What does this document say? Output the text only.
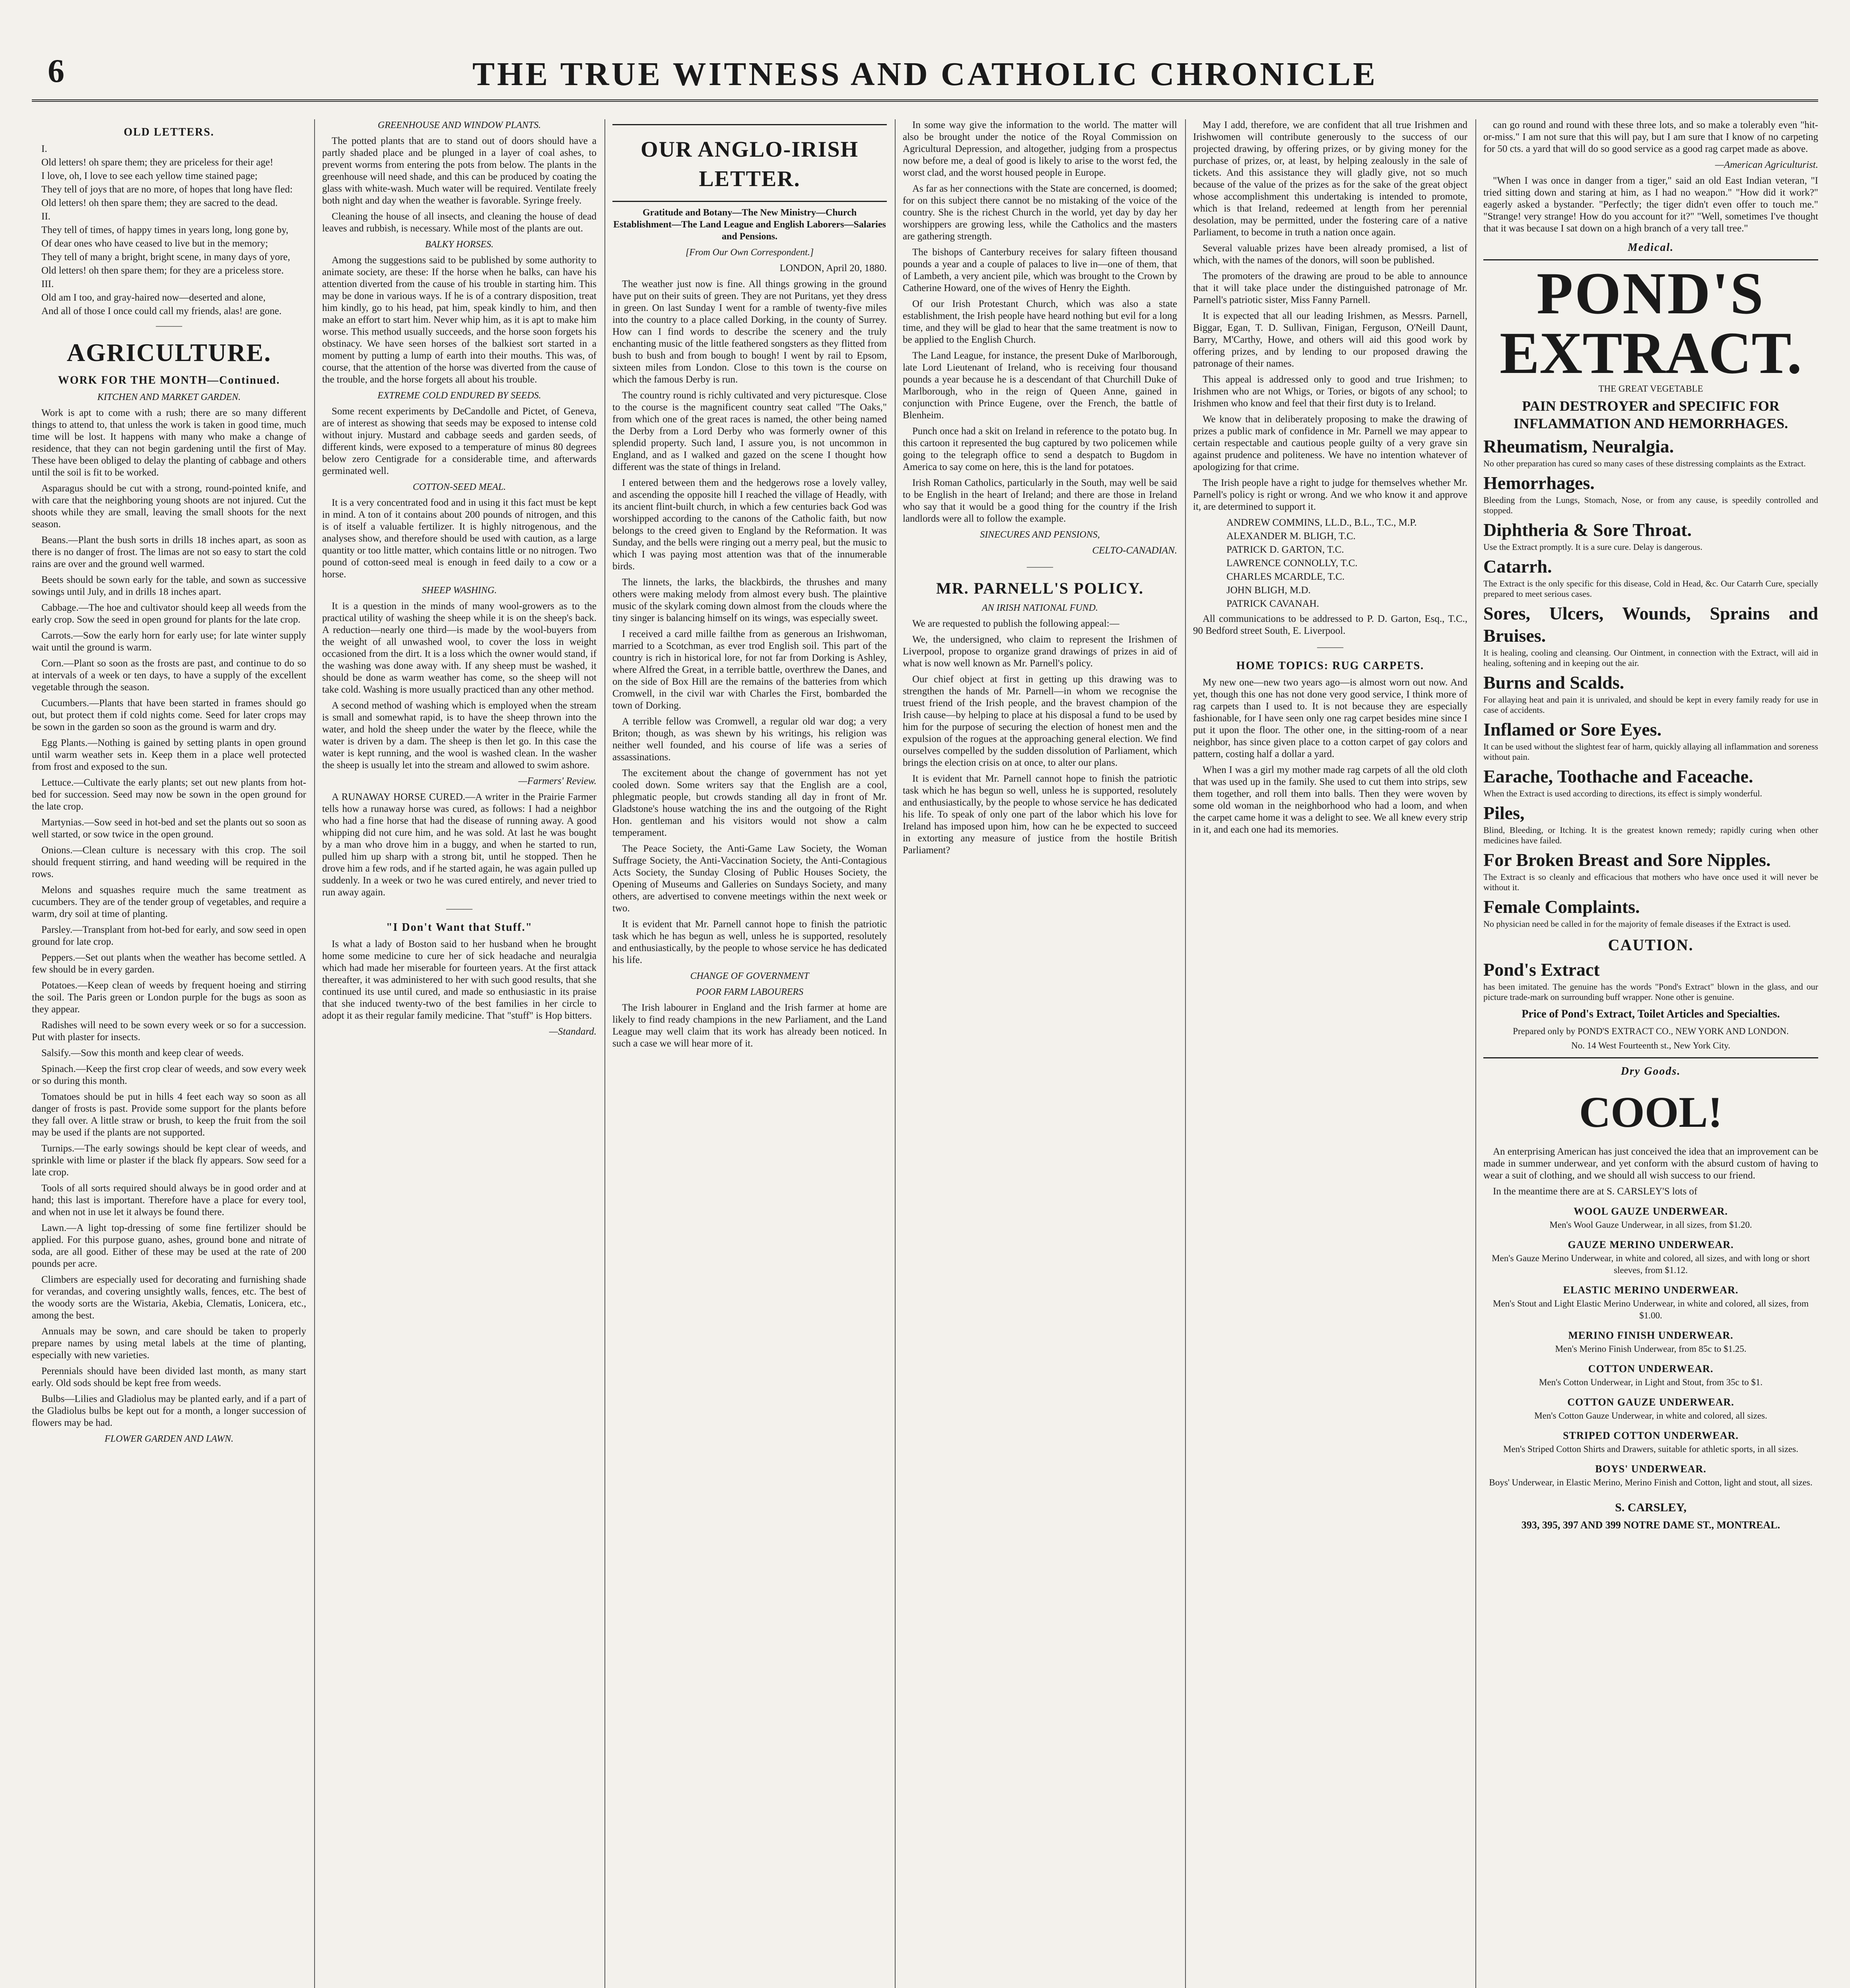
6	THE TRUE WITNESS AND CATHOLIC CHRONICLE
OLD LETTERS.

I.

Old letters! oh spare them; they are priceless for their age!

I love, oh, I love to see each yellow time stained page;

They tell of joys that are no more, of hopes that long have fled:

Old letters! oh then spare them; they are sacred to the dead.

II.

They tell of times, of happy times in years long, long gone by,

Of dear ones who have ceased to live but in the memory;

They tell of many a bright, bright scene, in many days of yore,

Old letters! oh then spare them; for they are a priceless store.

III.

Old am I too, and gray-haired now—deserted and alone,

And all of those I once could call my friends, alas! are gone.

———
AGRICULTURE.
WORK FOR THE MONTH—Continued.
KITCHEN AND MARKET GARDEN.

Work is apt to come with a rush; there are so many different things to attend to, that unless the work is taken in good time, much time will be lost. It happens with many who make a change of residence, that they can not begin gardening until the first of May. These have been obliged to delay the planting of cabbage and others until the soil is fit to be worked.

Asparagus should be cut with a strong, round-pointed knife, and with care that the neighboring young shoots are not injured. Cut the shoots while they are small, leaving the small shoots for the next season.

Beans.—Plant the bush sorts in drills 18 inches apart, as soon as there is no danger of frost. The limas are not so easy to start the cold rains are over and the ground well warmed.

Beets should be sown early for the table, and sown as successive sowings until July, and in drills 18 inches apart.

Cabbage.—The hoe and cultivator should keep all weeds from the early crop. Sow the seed in open ground for plants for the late crop.

Carrots.—Sow the early horn for early use; for late winter supply wait until the ground is warm.

Corn.—Plant so soon as the frosts are past, and continue to do so at intervals of a week or ten days, to have a supply of the excellent vegetable through the season.

Cucumbers.—Plants that have been started in frames should go out, but protect them if cold nights come. Seed for later crops may be sown in the garden so soon as the ground is warm and dry.

Egg Plants.—Nothing is gained by setting plants in open ground until warm weather sets in. Keep them in a place well protected from frost and exposed to the sun.

Lettuce.—Cultivate the early plants; set out new plants from hot-bed for succession. Seed may now be sown in the open ground for the late crop.

Martynias.—Sow seed in hot-bed and set the plants out so soon as well started, or sow twice in the open ground.

Onions.—Clean culture is necessary with this crop. The soil should frequent stirring, and hand weeding will be required in the rows.

Melons and squashes require much the same treatment as cucumbers. They are of the tender group of vegetables, and require a warm, dry soil at time of planting.

Parsley.—Transplant from hot-bed for early, and sow seed in open ground for late crop.

Peppers.—Set out plants when the weather has become settled. A few should be in every garden.

Potatoes.—Keep clean of weeds by frequent hoeing and stirring the soil. The Paris green or London purple for the bugs as soon as they appear.

Radishes will need to be sown every week or so for a succession. Put with plaster for insects.

Salsify.—Sow this month and keep clear of weeds.

Spinach.—Keep the first crop clear of weeds, and sow every week or so during this month.

Tomatoes should be put in hills 4 feet each way so soon as all danger of frosts is past. Provide some support for the plants before they fall over. A little straw or brush, to keep the fruit from the soil may be used if the plants are not supported.

Turnips.—The early sowings should be kept clear of weeds, and sprinkle with lime or plaster if the black fly appears. Sow seed for a late crop.

Tools of all sorts required should always be in good order and at hand; this last is important. Therefore have a place for every tool, and when not in use let it always be found there.

Lawn.—A light top-dressing of some fine fertilizer should be applied. For this purpose guano, ashes, ground bone and nitrate of soda, are all good. Either of these may be used at the rate of 200 pounds per acre.

Climbers are especially used for decorating and furnishing shade for verandas, and covering unsightly walls, fences, etc. The best of the woody sorts are the Wistaria, Akebia, Clematis, Lonicera, etc., among the best.

Annuals may be sown, and care should be taken to properly prepare names by using metal labels at the time of planting, especially with new varieties.

Perennials should have been divided last month, as many start early. Old sods should be kept free from weeds.

Bulbs—Lilies and Gladiolus may be planted early, and if a part of the Gladiolus bulbs be kept out for a month, a longer succession of flowers may be had.

FLOWER GARDEN AND LAWN.
GREENHOUSE AND WINDOW PLANTS.

The potted plants that are to stand out of doors should have a partly shaded place and be plunged in a layer of coal ashes, to prevent worms from entering the pots from below. The plants in the greenhouse will need shade, and this can be produced by coating the glass with white-wash. Much water will be required. Ventilate freely both night and day when the weather is favorable. Syringe freely.

Cleaning the house of all insects, and cleaning the house of dead leaves and rubbish, is necessary. While most of the plants are out.

BALKY HORSES.

Among the suggestions said to be published by some authority to animate society, are these: If the horse when he balks, can have his attention diverted from the cause of his trouble in starting him. This may be done in various ways. If he is of a contrary disposition, treat him kindly, go to his head, pat him, speak kindly to him, and then make an effort to start him. Never whip him, as it is apt to make him worse. This method usually succeeds, and the horse soon forgets his obstinacy. We have seen horses of the balkiest sort started in a moment by putting a lump of earth into their mouths. This was, of course, that the attention of the horse was diverted from the cause of the trouble, and the horse forgets all about his trouble.

EXTREME COLD ENDURED BY SEEDS.

Some recent experiments by DeCandolle and Pictet, of Geneva, are of interest as showing that seeds may be exposed to intense cold without injury. Mustard and cabbage seeds and garden seeds, of different kinds, were exposed to a temperature of minus 80 degrees below zero Centigrade for a considerable time, and afterwards germinated well.

COTTON-SEED MEAL.

It is a very concentrated food and in using it this fact must be kept in mind. A ton of it contains about 200 pounds of nitrogen, and this is of itself a valuable fertilizer. It is highly nitrogenous, and the analyses show, and therefore should be used with caution, as a large quantity or too little matter, which contains little or no nitrogen. Two pound of cotton-seed meal is enough in feed daily to a cow or a horse.

SHEEP WASHING.

It is a question in the minds of many wool-growers as to the practical utility of washing the sheep while it is on the sheep's back. A reduction—nearly one third—is made by the wool-buyers from the weight of all unwashed wool, to cover the loss in weight occasioned from the dirt. It is a loss which the owner would stand, if the washing was done away with. If any sheep must be washed, it should be done as warm weather has come, so the sheep will not take cold. Washing is more usually practiced than any other method.

A second method of washing which is employed when the stream is small and somewhat rapid, is to have the sheep thrown into the water, and hold the sheep under the water by the fleece, while the water is driven by a dam. The sheep is then let go. In this case the water is kept running, and the wool is washed clean. In the washer the sheep is usually let into the stream and allowed to swim ashore.

—Farmers' Review.

A RUNAWAY HORSE CURED.—A writer in the Prairie Farmer tells how a runaway horse was cured, as follows: I had a neighbor who had a fine horse that had the disease of running away. A good whipping did not cure him, and he was sold. At last he was bought by a man who drove him in a buggy, and when he started to run, pulled him up sharp with a strong bit, until he stopped. Then he drove him a few rods, and if he started again, he was again pulled up suddenly. In a week or two he was cured entirely, and never tried to run away again.

———
"I Don't Want that Stuff."

Is what a lady of Boston said to her husband when he brought home some medicine to cure her of sick headache and neuralgia which had made her miserable for fourteen years. At the first attack thereafter, it was administered to her with such good results, that she continued its use until cured, and made so enthusiastic in its praise that she induced twenty-two of the best families in her circle to adopt it as their regular family medicine. That "stuff" is Hop bitters.

—Standard.

OUR ANGLO-IRISH LETTER.
Gratitude and Botany—The New Ministry—Church Establishment—The Land League and English Laborers—Salaries and Pensions.
[From Our Own Correspondent.]

LONDON, April 20, 1880.

The weather just now is fine. All things growing in the ground have put on their suits of green. They are not Puritans, yet they dress in green. On last Sunday I went for a ramble of twenty-five miles into the country to a place called Dorking, in the county of Surrey. How can I find words to describe the scenery and the truly enchanting music of the little feathered songsters as they flitted from bush to bush and from bough to bough! I went by rail to Epsom, sixteen miles from London. Close to this town is the course on which the famous Derby is run.

The country round is richly cultivated and very picturesque. Close to the course is the magnificent country seat called "The Oaks," from which one of the great races is named, the other being named the Derby from a Lord Derby who was formerly owner of this splendid property. Such land, I assure you, is not uncommon in England, and as I walked and gazed on the scene I thought how different was the state of things in Ireland.

I entered between them and the hedgerows rose a lovely valley, and ascending the opposite hill I reached the village of Headly, with its ancient flint-built church, in which a few centuries back God was worshipped according to the canons of the Catholic faith, but now belongs to the creed given to England by the Reformation. It was Sunday, and the bells were ringing out a merry peal, but the music to which I was paying most attention was that of the innumerable birds.

The linnets, the larks, the blackbirds, the thrushes and many others were making melody from almost every bush. The plaintive music of the skylark coming down almost from the clouds where the tiny singer is balancing himself on its wings, was especially sweet.

I received a card mille failthe from as generous an Irishwoman, married to a Scotchman, as ever trod English soil. This part of the country is rich in historical lore, for not far from Dorking is Ashley, where Alfred the Great, in a terrible battle, overthrew the Danes, and on the side of Box Hill are the remains of the batteries from which Cromwell, in the civil war with Charles the First, bombarded the town of Dorking.

A terrible fellow was Cromwell, a regular old war dog; a very Briton; though, as was shewn by his writings, his religion was neither well founded, and his course of life was a series of assassinations.

The excitement about the change of government has not yet cooled down. Some writers say that the English are a cool, phlegmatic people, but crowds standing all day in front of Mr. Gladstone's house watching the ins and the outgoing of the Right Hon. gentleman and his visitors would not show a calm temperament.

The Peace Society, the Anti-Game Law Society, the Woman Suffrage Society, the Anti-Vaccination Society, the Anti-Contagious Acts Society, the Sunday Closing of Public Houses Society, the Opening of Museums and Galleries on Sundays Society, and many others, are advertised to convene meetings within the next week or two.

It is evident that Mr. Parnell cannot hope to finish the patriotic task which he has begun as well, unless he is supported, resolutely and enthusiastically, by the people to whose service he has dedicated his life.

CHANGE OF GOVERNMENT
POOR FARM LABOURERS

The Irish labourer in England and the Irish farmer at home are likely to find ready champions in the new Parliament, and the Land League may well claim that its work has already been noticed. In such a case we will hear more of it.

In some way give the information to the world. The matter will also be brought under the notice of the Royal Commission on Agricultural Depression, and altogether, judging from a prospectus now before me, a deal of good is likely to arise to the worst fed, the worst clad, and the worst housed people in Europe.

As far as her connections with the State are concerned, is doomed; for on this subject there cannot be no mistaking of the voice of the country. She is the richest Church in the world, yet day by day her worshippers are growing less, while the Catholics and the masters are gathering strength.

The bishops of Canterbury receives for salary fifteen thousand pounds a year and a couple of palaces to live in—one of them, that of Lambeth, a very ancient pile, which was brought to the Crown by Catherine Howard, one of the wives of Henry the Eighth.

Of our Irish Protestant Church, which was also a state establishment, the Irish people have heard nothing but evil for a long time, and they will be glad to hear that the same treatment is now to be applied to the English Church.

The Land League, for instance, the present Duke of Marlborough, late Lord Lieutenant of Ireland, who is receiving four thousand pounds a year because he is a descendant of that Churchill Duke of Marlborough, who in the reign of Queen Anne, gained in conjunction with Prince Eugene, over the French, the battle of Blenheim.

Punch once had a skit on Ireland in reference to the potato bug. In this cartoon it represented the bug captured by two policemen while going to the telegraph office to send a despatch to Bugdom in America to say come on here, this is the land for potatoes.

Irish Roman Catholics, particularly in the South, may well be said to be English in the heart of Ireland; and there are those in Ireland who say that it would be a good thing for the country if the Irish landlords were all to follow the example.

SINECURES AND PENSIONS,

CELTO-CANADIAN.

———
MR. PARNELL'S POLICY.
AN IRISH NATIONAL FUND.

We are requested to publish the following appeal:—

We, the undersigned, who claim to represent the Irishmen of Liverpool, propose to organize grand drawings of prizes in aid of what is now well known as Mr. Parnell's policy.

Our chief object at first in getting up this drawing was to strengthen the hands of Mr. Parnell—in whom we recognise the truest friend of the Irish people, and the bravest champion of the Irish cause—by helping to place at his disposal a fund to be used by him for the purpose of securing the election of honest men and the expulsion of the rogues at the approaching general election. We find ourselves compelled by the sudden dissolution of Parliament, which brings the election crisis on at once, to alter our plans.

It is evident that Mr. Parnell cannot hope to finish the patriotic task which he has begun so well, unless he is supported, resolutely and enthusiastically, by the people to whose service he has dedicated his life. To speak of only one part of the labor which his love for Ireland has imposed upon him, how can he be expected to succeed in extorting any measure of justice from the hostile British Parliament?

May I add, therefore, we are confident that all true Irishmen and Irishwomen will contribute generously to the success of our projected drawing, by offering prizes, or by giving money for the purchase of prizes, or, at least, by helping zealously in the sale of tickets. And this assistance they will gladly give, not so much because of the value of the prizes as for the sake of the great object whose accomplishment this undertaking is intended to promote, which is that Ireland, redeemed at length from her perennial desolation, may be permitted, under the fostering care of a native Parliament, to become in truth a nation once again.

Several valuable prizes have been already promised, a list of which, with the names of the donors, will soon be published.

The promoters of the drawing are proud to be able to announce that it will take place under the distinguished patronage of Mr. Parnell's patriotic sister, Miss Fanny Parnell.

It is expected that all our leading Irishmen, as Messrs. Parnell, Biggar, Egan, T. D. Sullivan, Finigan, Ferguson, O'Neill Daunt, Barry, M'Carthy, Howe, and others will aid this good work by offering prizes, and by lending to our proposed drawing the patronage of their names.

This appeal is addressed only to good and true Irishmen; to Irishmen who are not Whigs, or Tories, or bigots of any school; to Irishmen who know and feel that their first duty is to Ireland.

We know that in deliberately proposing to make the drawing of prizes a public mark of confidence in Mr. Parnell we may appear to certain respectable and cautious people guilty of a very grave sin against prudence and politeness. We have no intention whatever of apologizing for that crime.

The Irish people have a right to judge for themselves whether Mr. Parnell's policy is right or wrong. And we who know it and approve it, are determined to support it.

ANDREW COMMINS, LL.D., B.L., T.C., M.P.

ALEXANDER M. BLIGH, T.C.

PATRICK D. GARTON, T.C.

LAWRENCE CONNOLLY, T.C.

CHARLES MCARDLE, T.C.

JOHN BLIGH, M.D.

PATRICK CAVANAH.

All communications to be addressed to P. D. Garton, Esq., T.C., 90 Bedford street South, E. Liverpool.

———
HOME TOPICS: RUG CARPETS.

My new one—new two years ago—is almost worn out now. And yet, though this one has not done very good service, I think more of rag carpets than I used to. It is not because they are especially fashionable, for I have seen only one rag carpet besides mine since I put it upon the floor. The other one, in the sitting-room of a near neighbor, has since given place to a cotton carpet of gay colors and pattern, costing half a dollar a yard.

When I was a girl my mother made rag carpets of all the old cloth that was used up in the family. She used to cut them into strips, sew them together, and roll them into balls. Then they were woven by some old woman in the neighborhood who had a loom, and when the carpet came home it was a delight to see. We all knew every strip in it, and each one had its memories.

can go round and round with these three lots, and so make a tolerably even "hit-or-miss." I am not sure that this will pay, but I am sure that I know of no carpeting for 50 cts. a yard that will do so good service as a good rag carpet made as above.

—American Agriculturist.

"When I was once in danger from a tiger," said an old East Indian veteran, "I tried sitting down and staring at him, as I had no weapon." "How did it work?" eagerly asked a bystander. "Perfectly; the tiger didn't even offer to touch me." "Strange! very strange! How do you account for it?" "Well, sometimes I've thought that it was because I sat down on a high branch of a very tall tree."

Medical.
POND'S
EXTRACT.
THE GREAT VEGETABLE
PAIN DESTROYER and SPECIFIC FOR INFLAMMATION AND HEMORRHAGES.
Rheumatism, Neuralgia.
No other preparation has cured so many cases of these distressing complaints as the Extract.
Hemorrhages.
Bleeding from the Lungs, Stomach, Nose, or from any cause, is speedily controlled and stopped.
Diphtheria & Sore Throat.
Use the Extract promptly. It is a sure cure. Delay is dangerous.
Catarrh.
The Extract is the only specific for this disease, Cold in Head, &c. Our Catarrh Cure, specially prepared to meet serious cases.
Sores, Ulcers, Wounds, Sprains and Bruises.
It is healing, cooling and cleansing. Our Ointment, in connection with the Extract, will aid in healing, softening and in keeping out the air.
Burns and Scalds.
For allaying heat and pain it is unrivaled, and should be kept in every family ready for use in case of accidents.
Inflamed or Sore Eyes.
It can be used without the slightest fear of harm, quickly allaying all inflammation and soreness without pain.
Earache, Toothache and Faceache.
When the Extract is used according to directions, its effect is simply wonderful.
Piles,
Blind, Bleeding, or Itching. It is the greatest known remedy; rapidly curing when other medicines have failed.
For Broken Breast and Sore Nipples.
The Extract is so cleanly and efficacious that mothers who have once used it will never be without it.
Female Complaints.
No physician need be called in for the majority of female diseases if the Extract is used.
CAUTION.
Pond's Extract
has been imitated. The genuine has the words "Pond's Extract" blown in the glass, and our picture trade-mark on surrounding buff wrapper. None other is genuine.
Price of Pond's Extract, Toilet Articles and Specialties.
Prepared only by POND'S EXTRACT CO., NEW YORK AND LONDON.
No. 14 West Fourteenth st., New York City.
Dry Goods.
COOL!

An enterprising American has just conceived the idea that an improvement can be made in summer underwear, and yet conform with the absurd custom of having to wear a suit of clothing, and we should all wish success to our friend.

In the meantime there are at S. CARSLEY'S lots of

WOOL GAUZE UNDERWEAR.
Men's Wool Gauze Underwear, in all sizes, from $1.20.
GAUZE MERINO UNDERWEAR.
Men's Gauze Merino Underwear, in white and colored, all sizes, and with long or short sleeves, from $1.12.
ELASTIC MERINO UNDERWEAR.
Men's Stout and Light Elastic Merino Underwear, in white and colored, all sizes, from $1.00.
MERINO FINISH UNDERWEAR.
Men's Merino Finish Underwear, from 85c to $1.25.
COTTON UNDERWEAR.
Men's Cotton Underwear, in Light and Stout, from 35c to $1.
COTTON GAUZE UNDERWEAR.
Men's Cotton Gauze Underwear, in white and colored, all sizes.
STRIPED COTTON UNDERWEAR.
Men's Striped Cotton Shirts and Drawers, suitable for athletic sports, in all sizes.
BOYS' UNDERWEAR.
Boys' Underwear, in Elastic Merino, Merino Finish and Cotton, light and stout, all sizes.
S. CARSLEY,
393, 395, 397 AND 399 NOTRE DAME ST., MONTREAL.
